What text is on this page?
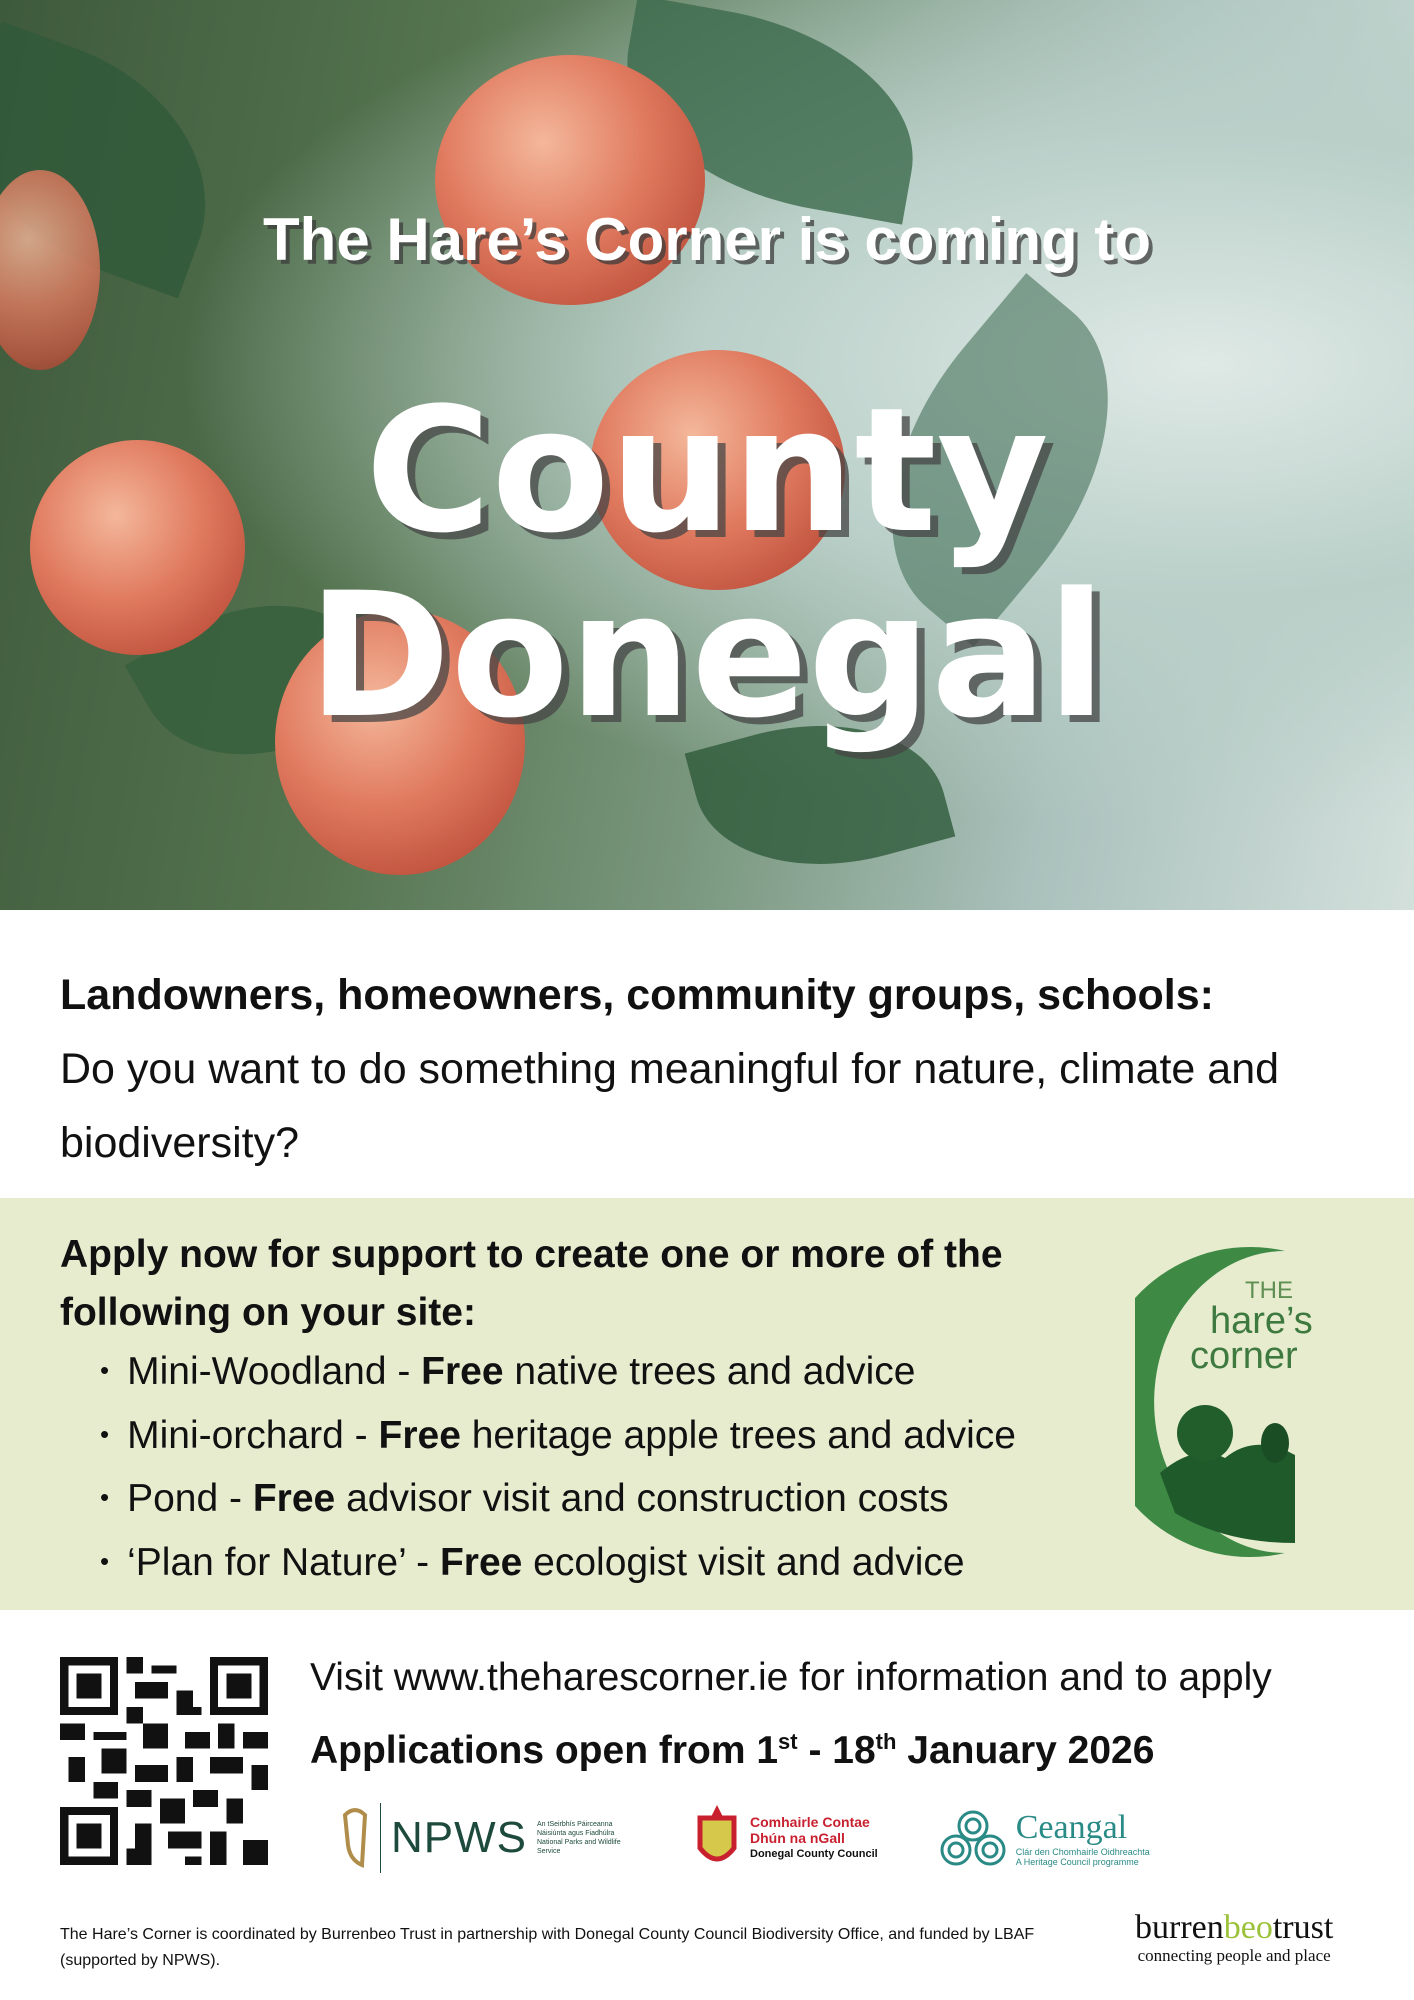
The Hare’s Corner is coming to
County
Donegal
Landowners, homeowners, community groups, schools:
Do you want to do something meaningful for nature, climate and biodiversity?
Apply now for support to create one or more of the following on your site:
• Mini-Woodland - Free native trees and advice
• Mini-orchard - Free heritage apple trees and advice
• Pond - Free advisor visit and construction costs
• ‘Plan for Nature’ - Free ecologist visit and advice
THE
hare’s
corner
Visit www.theharescorner.ie for information and to apply
Applications open from 1st - 18th January 2026
NPWS An tSeirbhís Páirceanna Náisiúnta agus Fiadhúlra National Parks and Wildlife Service
Comhairle Contae
Dhún na nGall
Donegal County Council
Ceangal
Clár den Chomhairle Oidhreachta
A Heritage Council programme
The Hare’s Corner is coordinated by Burrenbeo Trust in partnership with Donegal County Council Biodiversity Office, and funded by LBAF (supported by NPWS).
burrenbeotrust
connecting people and place
